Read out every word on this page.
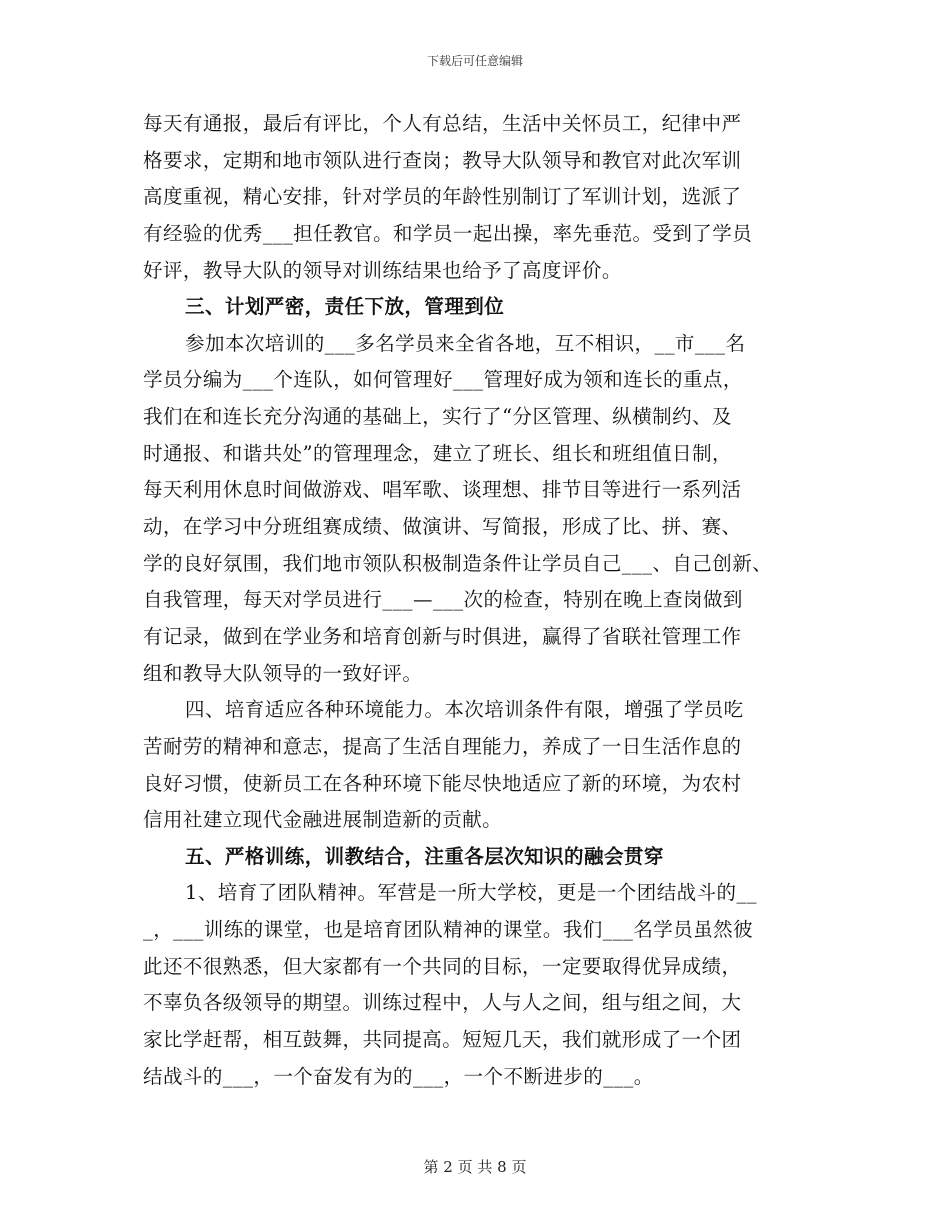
下载后可任意编辑
每天有通报，最后有评比，个人有总结，生活中关怀员工，纪律中严
格要求，定期和地市领队进行查岗；教导大队领导和教官对此次军训
高度重视，精心安排，针对学员的年龄性别制订了军训计划，选派了
有经验的优秀___担任教官。和学员一起出操，率先垂范。受到了学员
好评，教导大队的领导对训练结果也给予了高度评价。
三、计划严密，责任下放，管理到位
参加本次培训的___多名学员来全省各地，互不相识，__市___名
学员分编为___个连队，如何管理好___管理好成为领和连长的重点，
我们在和连长充分沟通的基础上，实行了“分区管理、纵横制约、及
时通报、和谐共处”的管理理念，建立了班长、组长和班组值日制，
每天利用休息时间做游戏、唱军歌、谈理想、排节目等进行一系列活
动，在学习中分班组赛成绩、做演讲、写简报，形成了比、拼、赛、
学的良好氛围，我们地市领队积极制造条件让学员自己___、自己创新、
自我管理，每天对学员进行___—___次的检查，特别在晚上查岗做到
有记录，做到在学业务和培育创新与时俱进，赢得了省联社管理工作
组和教导大队领导的一致好评。
四、培育适应各种环境能力。本次培训条件有限，增强了学员吃
苦耐劳的精神和意志，提高了生活自理能力，养成了一日生活作息的
良好习惯，使新员工在各种环境下能尽快地适应了新的环境，为农村
信用社建立现代金融进展制造新的贡献。
五、严格训练，训教结合，注重各层次知识的融会贯穿
1、培育了团队精神。军营是一所大学校，更是一个团结战斗的__
_，___训练的课堂，也是培育团队精神的课堂。我们___名学员虽然彼
此还不很熟悉，但大家都有一个共同的目标，一定要取得优异成绩，
不辜负各级领导的期望。训练过程中，人与人之间，组与组之间，大
家比学赶帮，相互鼓舞，共同提高。短短几天，我们就形成了一个团
结战斗的___，一个奋发有为的___，一个不断进步的___。
第 2 页 共 8 页
